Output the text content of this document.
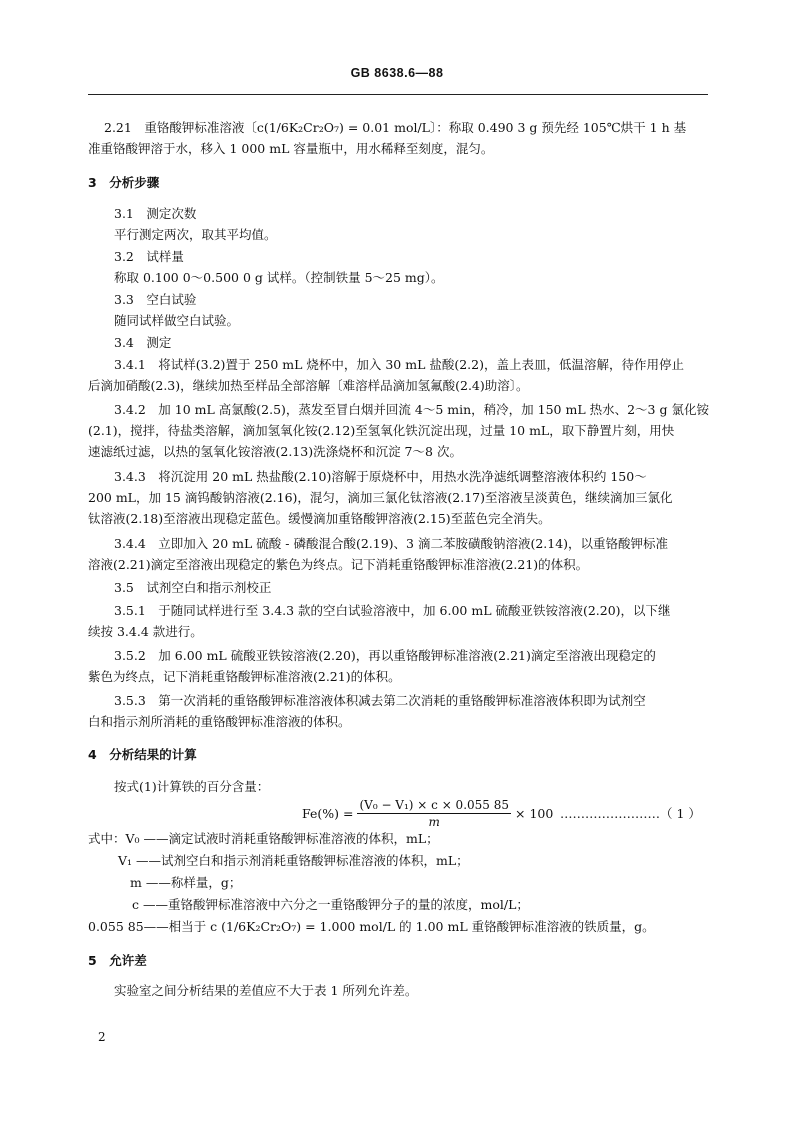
GB 8638.6—88
2.21　重铬酸钾标准溶液〔c(1/6K₂Cr₂O₇) = 0.01 mol/L〕：称取 0.490 3 g 预先经 105℃烘干 1 h 基
准重铬酸钾溶于水，移入 1 000 mL 容量瓶中，用水稀释至刻度，混匀。
3　分析步骤
3.1　测定次数
平行测定两次，取其平均值。
3.2　试样量
称取 0.100 0～0.500 0 g 试样。（控制铁量 5～25 mg）。
3.3　空白试验
随同试样做空白试验。
3.4　测定
3.4.1　将试样(3.2)置于 250 mL 烧杯中，加入 30 mL 盐酸(2.2)，盖上表皿，低温溶解，待作用停止
后滴加硝酸(2.3)，继续加热至样品全部溶解〔难溶样品滴加氢氟酸(2.4)助溶〕。
3.4.2　加 10 mL 高氯酸(2.5)，蒸发至冒白烟并回流 4～5 min，稍冷，加 150 mL 热水、2～3 g 氯化铵
(2.1)，搅拌，待盐类溶解，滴加氢氧化铵(2.12)至氢氧化铁沉淀出现，过量 10 mL，取下静置片刻，用快
速滤纸过滤，以热的氢氧化铵溶液(2.13)洗涤烧杯和沉淀 7～8 次。
3.4.3　将沉淀用 20 mL 热盐酸(2.10)溶解于原烧杯中，用热水洗净滤纸调整溶液体积约 150～
200 mL，加 15 滴钨酸钠溶液(2.16)，混匀，滴加三氯化钛溶液(2.17)至溶液呈淡黄色，继续滴加三氯化
钛溶液(2.18)至溶液出现稳定蓝色。缓慢滴加重铬酸钾溶液(2.15)至蓝色完全消失。
3.4.4　立即加入 20 mL 硫酸 - 磷酸混合酸(2.19)、3 滴二苯胺磺酸钠溶液(2.14)，以重铬酸钾标准
溶液(2.21)滴定至溶液出现稳定的紫色为终点。记下消耗重铬酸钾标准溶液(2.21)的体积。
3.5　试剂空白和指示剂校正
3.5.1　于随同试样进行至 3.4.3 款的空白试验溶液中，加 6.00 mL 硫酸亚铁铵溶液(2.20)，以下继
续按 3.4.4 款进行。
3.5.2　加 6.00 mL 硫酸亚铁铵溶液(2.20)，再以重铬酸钾标准溶液(2.21)滴定至溶液出现稳定的
紫色为终点，记下消耗重铬酸钾标准溶液(2.21)的体积。
3.5.3　第一次消耗的重铬酸钾标准溶液体积减去第二次消耗的重铬酸钾标准溶液体积即为试剂空
白和指示剂所消耗的重铬酸钾标准溶液的体积。
4　分析结果的计算
按式(1)计算铁的百分含量：
$Fe(\%) = \frac{\text{(V₀ − V₁) × c × 0.055 85}}{m} \times 100$ ……………………（ 1 ）
式中：V₀ ——滴定试液时消耗重铬酸钾标准溶液的体积，mL；
V₁ ——试剂空白和指示剂消耗重铬酸钾标准溶液的体积，mL；
m ——称样量，g；
c ——重铬酸钾标准溶液中六分之一重铬酸钾分子的量的浓度，mol/L；
0.055 85——相当于 c (1/6K₂Cr₂O₇) = 1.000 mol/L 的 1.00 mL 重铬酸钾标准溶液的铁质量，g。
5　允许差
实验室之间分析结果的差值应不大于表 1 所列允许差。
2
